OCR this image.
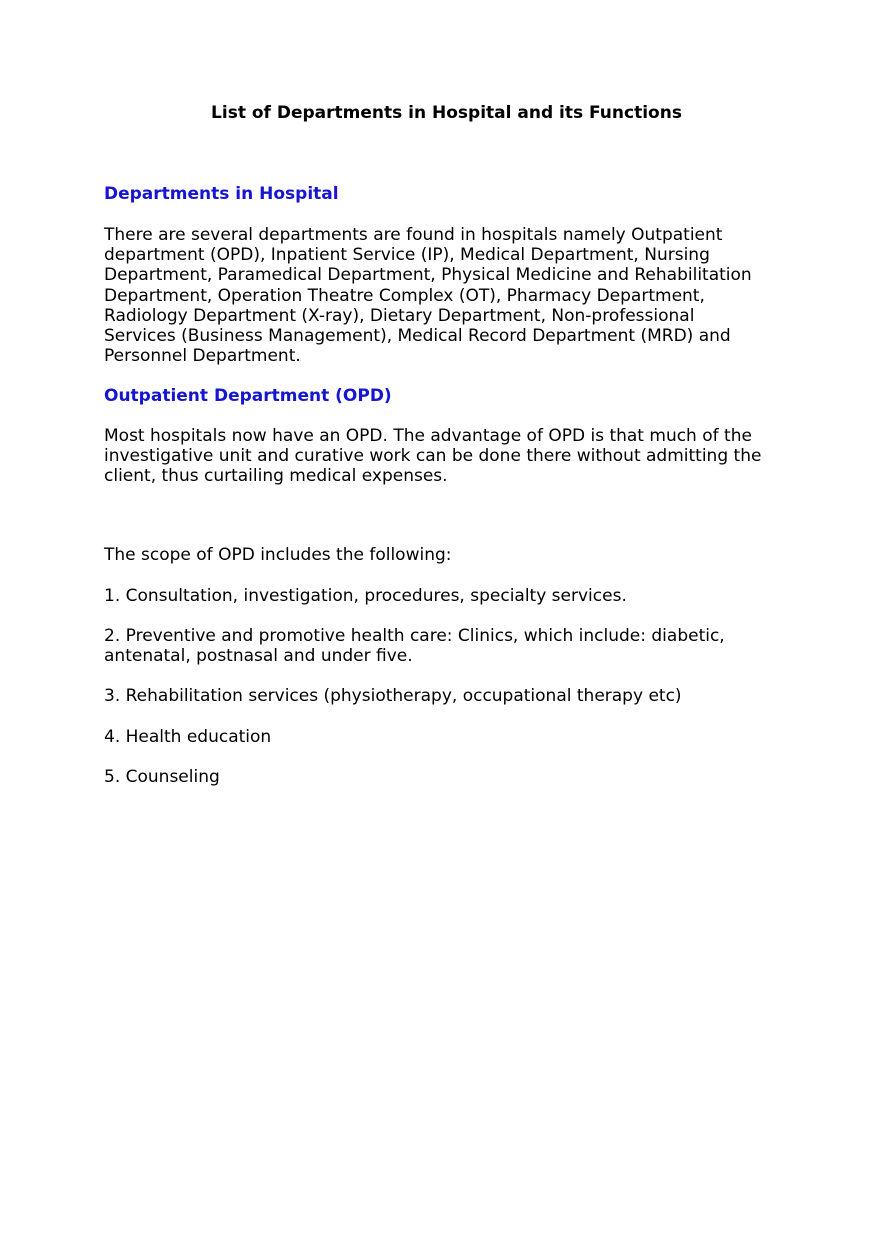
List of Departments in Hospital and its Functions
Departments in Hospital

There are several departments are found in hospitals namely Outpatient
department (OPD), Inpatient Service (IP), Medical Department, Nursing
Department, Paramedical Department, Physical Medicine and Rehabilitation
Department, Operation Theatre Complex (OT), Pharmacy Department,
Radiology Department (X-ray), Dietary Department, Non-professional
Services (Business Management), Medical Record Department (MRD) and
Personnel Department.

Outpatient Department (OPD)

Most hospitals now have an OPD. The advantage of OPD is that much of the
investigative unit and curative work can be done there without admitting the
client, thus curtailing medical expenses.

The scope of OPD includes the following:

1. Consultation, investigation, procedures, specialty services.

2. Preventive and promotive health care: Clinics, which include: diabetic,
antenatal, postnasal and under five.

3. Rehabilitation services (physiotherapy, occupational therapy etc)

4. Health education

5. Counseling
